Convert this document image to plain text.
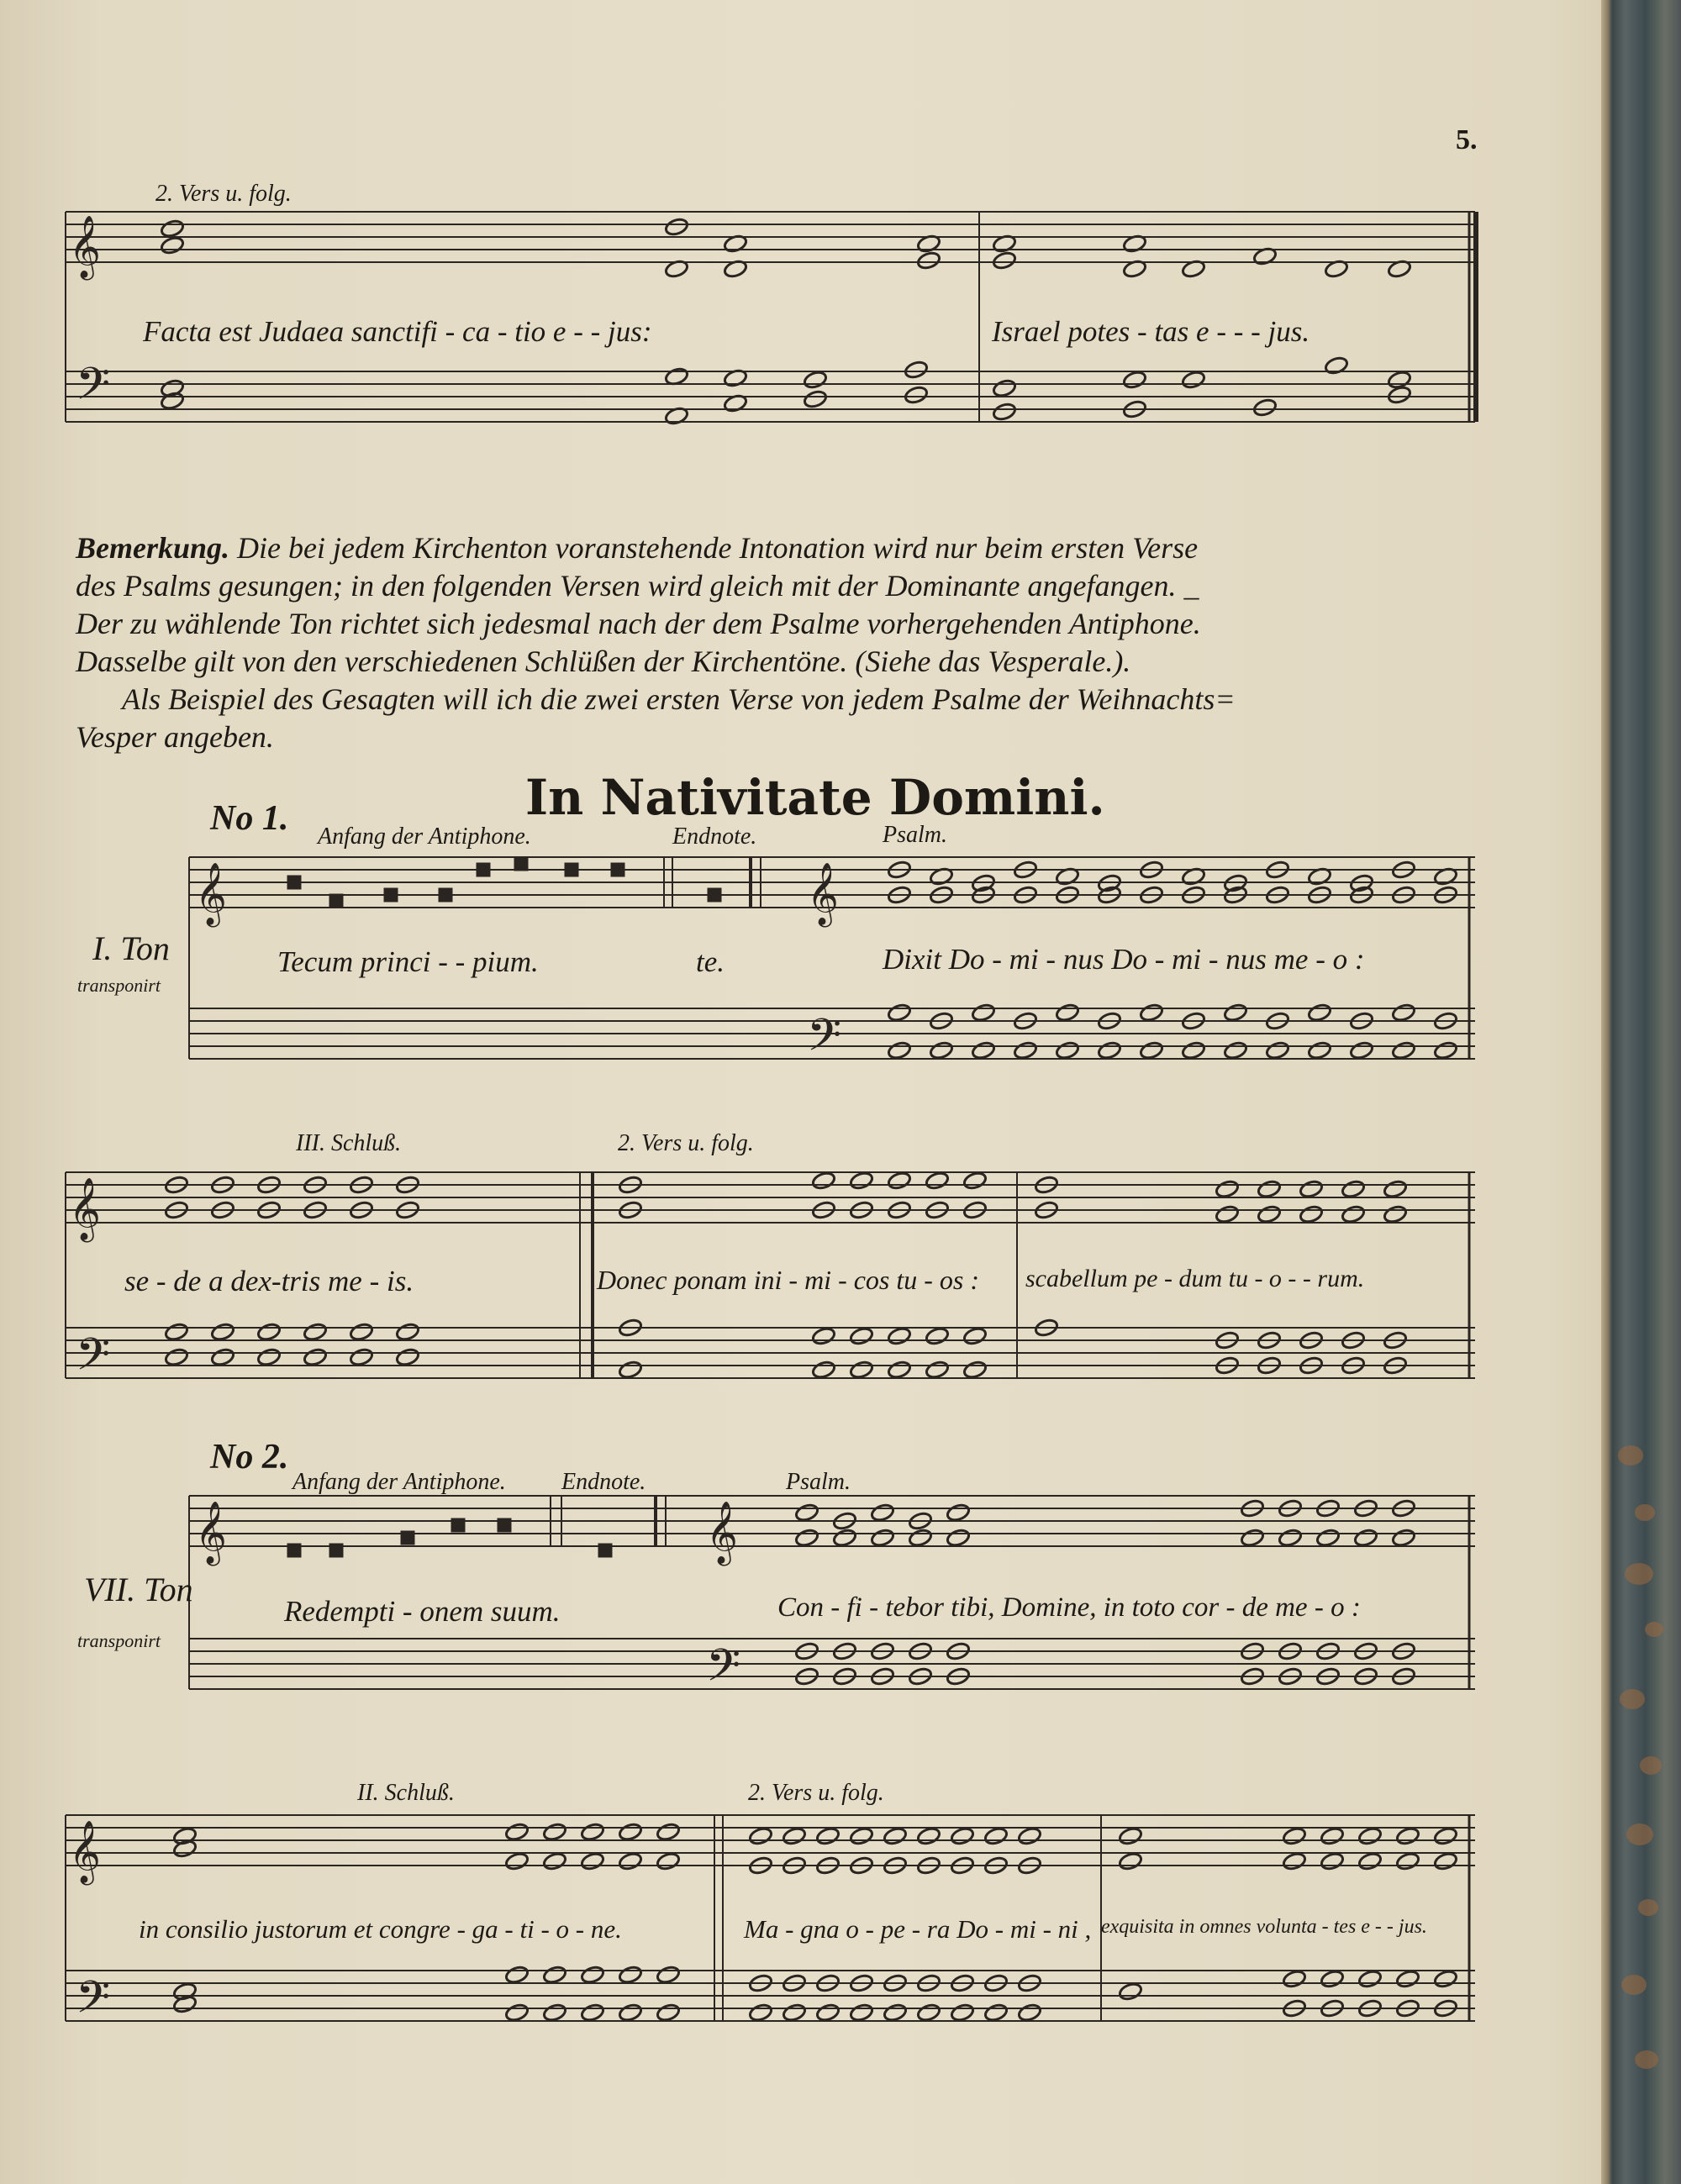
5.
𝄞
𝄢
𝄞	𝄞
𝄢
𝄞
𝄢
𝄞	𝄞
𝄢
𝄞
𝄢
2. Vers u. folg.
Facta est Judaea sanctifi - ca - tio e - - jus:	Israel potes - tas e - - - jus.
Bemerkung. Die bei jedem Kirchenton voranstehende Intonation wird nur beim ersten Verse
des Psalms gesungen; in den folgenden Versen wird gleich mit der Dominante angefangen. _
Der zu wählende Ton richtet sich jedesmal nach der dem Psalme vorhergehenden Antiphone.
Dasselbe gilt von den verschiedenen Schlüßen der Kirchentöne. (Siehe das Vesperale.).
Als Beispiel des Gesagten will ich die zwei ersten Verse von jedem Psalme der Weihnachts=
Vesper angeben.
In Nativitate Domini.
No 1. Anfang der Antiphone.	Endnote.	Psalm.
I. Ton
transponirt
Tecum princi - - pium.	te.	Dixit Do - mi - nus Do - mi - nus me - o :
III. Schluß.	2. Vers u. folg.
se - de a dex-tris me - is.	Donec ponam ini - mi - cos tu - os : scabellum pe - dum tu - o - - rum.
No 2.
Anfang der Antiphone. Endnote.	Psalm.
VII. Ton
transponirt
Redempti - onem suum.	Con - fi - tebor tibi, Domine, in toto cor - de me - o :
II. Schluß.	2. Vers u. folg.
in consilio justorum et congre - ga - ti - o - ne.	Ma - gna o - pe - ra Do - mi - ni , exquisita in omnes volunta - tes e - - jus.
